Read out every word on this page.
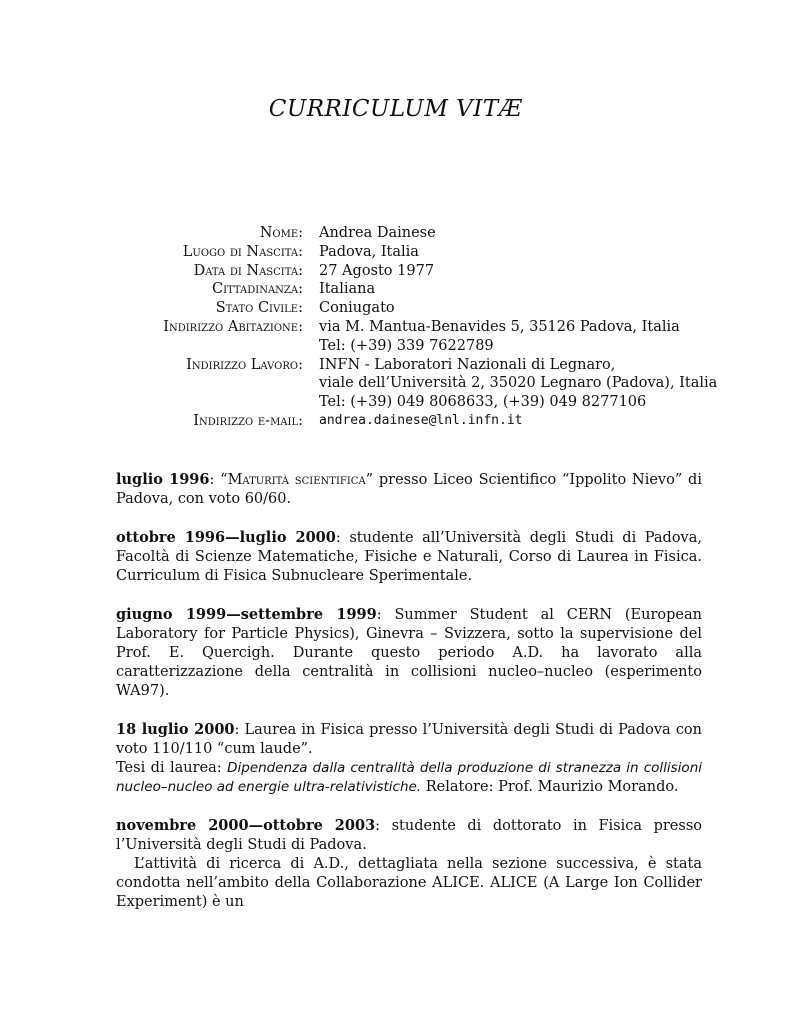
CURRICULUM VITÆ
Nome:	Andrea Dainese
Luogo di Nascita:	Padova, Italia
Data di Nascita:	27 Agosto 1977
Cittadinanza:	Italiana
Stato Civile:	Coniugato
Indirizzo Abitazione:	via M. Mantua-Benavides 5, 35126 Padova, Italia
Tel: (+39) 339 7622789
Indirizzo Lavoro:	INFN - Laboratori Nazionali di Legnaro,
viale dell’Università 2, 35020 Legnaro (Padova), Italia
Tel: (+39) 049 8068633, (+39) 049 8277106
Indirizzo e-mail:	andrea.dainese@lnl.infn.it

luglio 1996: “Maturità scientifica” presso Liceo Scientifico “Ippolito Nievo” di Padova, con voto 60/60.

ottobre 1996—luglio 2000: studente all’Università degli Studi di Padova, Facoltà di Scienze Matematiche, Fisiche e Naturali, Corso di Laurea in Fisica. Curriculum di Fisica Subnucleare Sperimentale.

giugno 1999—settembre 1999: Summer Student al CERN (European Laboratory for Particle Physics), Ginevra – Svizzera, sotto la supervisione del Prof. E. Quercigh. Durante questo periodo A.D. ha lavorato alla caratterizzazione della centralità in collisioni nucleo–nucleo (esperimento WA97).

18 luglio 2000: Laurea in Fisica presso l’Università degli Studi di Padova con voto 110/110 “cum laude”.

Tesi di laurea: Dipendenza dalla centralità della produzione di stranezza in collisioni nucleo–nucleo ad energie ultra-relativistiche. Relatore: Prof. Maurizio Morando.

novembre 2000—ottobre 2003: studente di dottorato in Fisica presso l’Università degli Studi di Padova.

L’attività di ricerca di A.D., dettagliata nella sezione successiva, è stata condotta nell’ambito della Collaborazione ALICE. ALICE (A Large Ion Collider Experiment) è un
